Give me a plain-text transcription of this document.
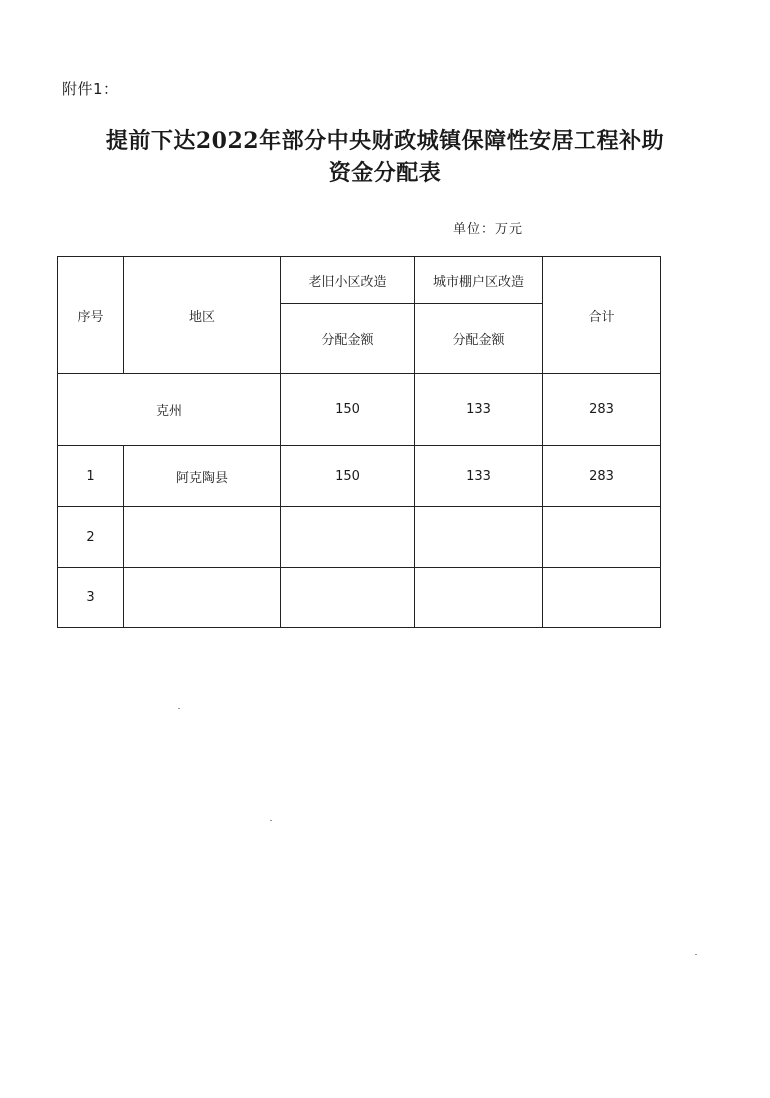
附件1：
提前下达2022年部分中央财政城镇保障性安居工程补助
资金分配表
单位：万元
序号	地区	老旧小区改造	城市棚户区改造	合计
		分配金额	分配金额	
克州		150	133	283
1	阿克陶县	150	133	283
2				
3				
